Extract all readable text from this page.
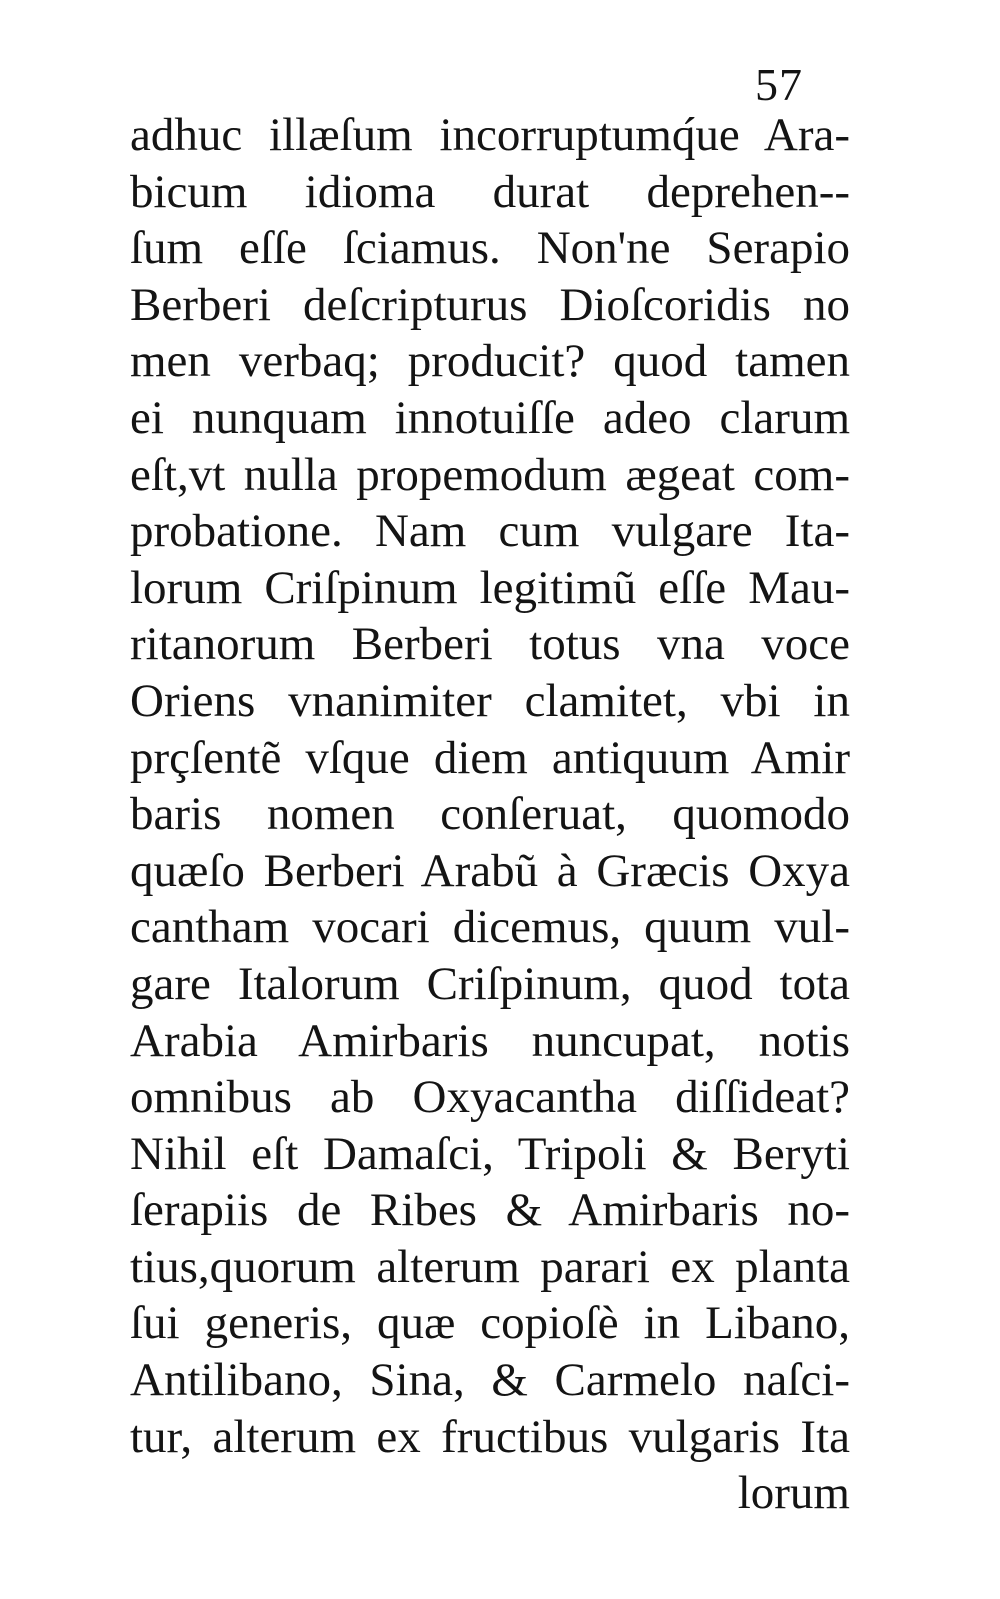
57
adhuc illæſum incorruptumq́ue Ara-
bicum idioma durat deprehen--
ſum eſſe ſciamus. Non'ne Serapio
Berberi deſcripturus Dioſcoridis no
men verbaq; producit? quod tamen
ei nunquam innotuiſſe adeo clarum
eſt,vt nulla propemodum ægeat com-
probatione. Nam cum vulgare Ita-
lorum Criſpinum legitimũ eſſe Mau-
ritanorum Berberi totus vna voce
Oriens vnanimiter clamitet, vbi in
prçſentẽ vſque diem antiquum Amir
baris nomen conſeruat, quomodo
quæſo Berberi Arabũ à Græcis Oxya
cantham vocari dicemus, quum vul-
gare Italorum Criſpinum, quod tota
Arabia Amirbaris nuncupat, notis
omnibus ab Oxyacantha diſſideat?
Nihil eſt Damaſci, Tripoli & Beryti
ſerapiis de Ribes & Amirbaris no-
tius,quorum alterum parari ex planta
ſui generis, quæ copioſè in Libano,
Antilibano, Sina, & Carmelo naſci-
tur, alterum ex fructibus vulgaris Ita
lorum
